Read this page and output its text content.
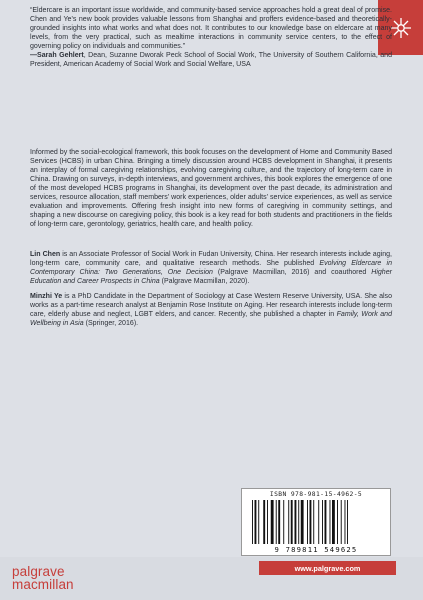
“Eldercare is an important issue worldwide, and community-based service approaches hold a great deal of promise. Chen and Ye’s new book provides valuable lessons from Shanghai and proffers evidence-based and theoretically-grounded insights into what works and what does not. It contributes to our knowledge base on eldercare at many levels, from the very practical, such as mealtime interactions in community service centers, to the effect of governing policy on individuals and communities.”

—Sarah Gehlert, Dean, Suzanne Dworak Peck School of Social Work, The University of Southern California, and President, American Academy of Social Work and Social Welfare, USA

Informed by the social-ecological framework, this book focuses on the development of Home and Community Based Services (HCBS) in urban China. Bringing a timely discussion around HCBS development in Shanghai, it presents an interplay of formal caregiving relationships, evolving caregiving culture, and the trajectory of long-term care in China. Drawing on surveys, in-depth interviews, and government archives, this book explores the emergence of one of the most developed HCBS programs in Shanghai, its development over the past decade, its administration and services, resource allocation, staff members’ work experiences, older adults’ service experiences, as well as service evaluation and improvements. Offering fresh insight into new forms of caregiving in community settings, and shaping a new discourse on caregiving policy, this book is a key read for both students and practitioners in the fields of long-term care, gerontology, geriatrics, health care, and health policy.

Lin Chen is an Associate Professor of Social Work in Fudan University, China. Her research interests include aging, long-term care, community care, and qualitative research methods. She published Evolving Eldercare in Contemporary China: Two Generations, One Decision (Palgrave Macmillan, 2016) and coauthored Higher Education and Career Prospects in China (Palgrave Macmillan, 2020).

Minzhi Ye is a PhD Candidate in the Department of Sociology at Case Western Reserve University, USA. She also works as a part-time research analyst at Benjamin Rose Institute on Aging. Her research interests include long-term care, elderly abuse and neglect, LGBT elders, and cancer. Recently, she published a chapter in Family, Work and Wellbeing in Asia (Springer, 2016).

ISBN 978-981-15-4962-5
9 789811 549625
palgrave
macmillan
www.palgrave.com
